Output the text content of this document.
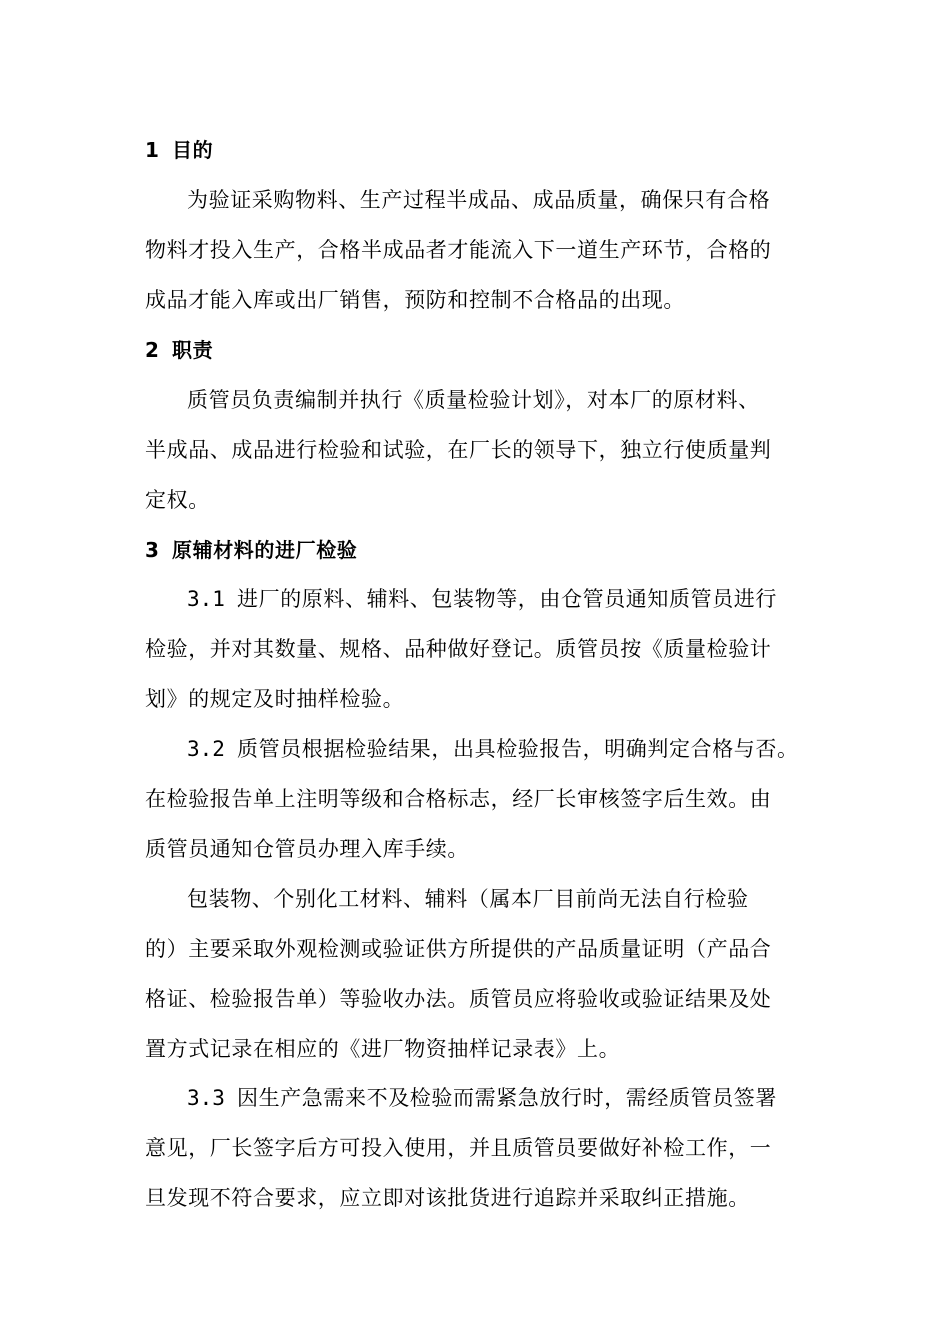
1 目的
为验证采购物料、生产过程半成品、成品质量，确保只有合格
物料才投入生产，合格半成品者才能流入下一道生产环节，合格的
成品才能入库或出厂销售，预防和控制不合格品的出现。
2 职责
质管员负责编制并执行《质量检验计划》，对本厂的原材料、
半成品、成品进行检验和试验，在厂长的领导下，独立行使质量判
定权。
3 原辅材料的进厂检验
3.1 进厂的原料、辅料、包装物等，由仓管员通知质管员进行
检验，并对其数量、规格、品种做好登记。质管员按《质量检验计
划》的规定及时抽样检验。
3.2 质管员根据检验结果，出具检验报告，明确判定合格与否。
在检验报告单上注明等级和合格标志，经厂长审核签字后生效。由
质管员通知仓管员办理入库手续。
包装物、个别化工材料、辅料（属本厂目前尚无法自行检验
的）主要采取外观检测或验证供方所提供的产品质量证明（产品合
格证、检验报告单）等验收办法。质管员应将验收或验证结果及处
置方式记录在相应的《进厂物资抽样记录表》上。
3.3 因生产急需来不及检验而需紧急放行时，需经质管员签署
意见，厂长签字后方可投入使用，并且质管员要做好补检工作，一
旦发现不符合要求，应立即对该批货进行追踪并采取纠正措施。
